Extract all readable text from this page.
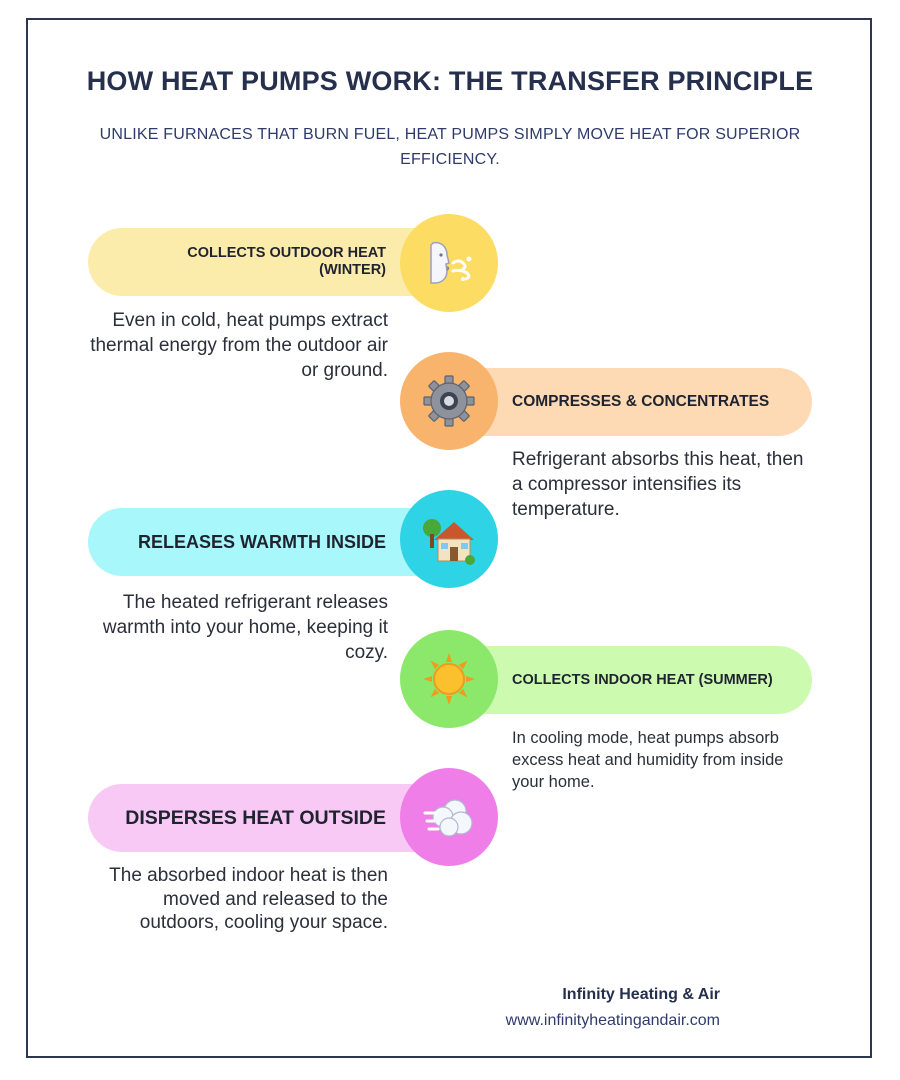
HOW HEAT PUMPS WORK: THE TRANSFER PRINCIPLE
UNLIKE FURNACES THAT BURN FUEL, HEAT PUMPS SIMPLY MOVE HEAT FOR SUPERIOR EFFICIENCY.
COLLECTS OUTDOOR HEAT (WINTER)
Even in cold, heat pumps extract thermal energy from the outdoor air or ground.
COMPRESSES & CONCENTRATES
Refrigerant absorbs this heat, then a compressor intensifies its temperature.
RELEASES WARMTH INSIDE
The heated refrigerant releases warmth into your home, keeping it cozy.
COLLECTS INDOOR HEAT (SUMMER)
In cooling mode, heat pumps absorb excess heat and humidity from inside your home.
DISPERSES HEAT OUTSIDE
The absorbed indoor heat is then moved and released to the outdoors, cooling your space.
Infinity Heating & Air
www.infinityheatingandair.com
